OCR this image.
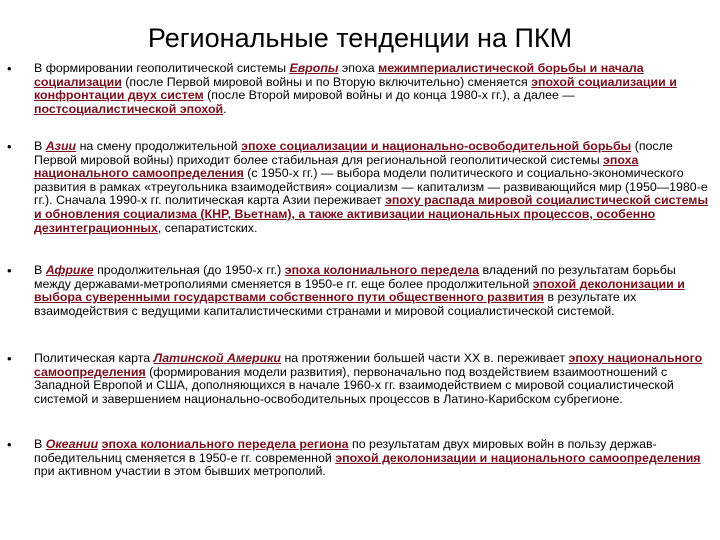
Региональные тенденции на ПКМ
• В формировании геополитической системы Европы эпоха межимпериалистической борьбы и начала социализации (после Первой мировой войны и по Вторую включительно) сменяется эпохой социализации и конфронтации двух систем (после Второй мировой войны и до конца 1980-х гг.), а далее — постсоциалистической эпохой.
• В Азии на смену продолжительной эпохе социализации и национально-освободительной борьбы (после Первой мировой войны) приходит более стабильная для региональной геополитической системы эпоха национального самоопределения (с 1950-х гг.) — выбора модели политического и социально-экономического развития в рамках «треугольника взаимодействия» социализм — капитализм — развивающийся мир (1950—1980-е гг.). Сначала 1990-х гг. политическая карта Азии переживает эпоху распада мировой социалистической системы и обновления социализма (КНР, Вьетнам), а также активизации национальных процессов, особенно дезинтеграционных, сепаратистских.
• В Африке продолжительная (до 1950-х гг.) эпоха колониального передела владений по результатам борьбы между державами-метрополиями сменяется в 1950-е гг. еще более продолжительной эпохой деколонизации и выбора суверенными государствами собственного пути общественного развития в результате их взаимодействия с ведущими капиталистическими странами и мировой социалистической системой.
• Политическая карта Латинской Америки на протяжении большей части XX в. переживает эпоху национального самоопределения (формирования модели развития), первоначально под воздействием взаимоотношений с Западной Европой и США, дополняющихся в начале 1960-х гг. взаимодействием с мировой социалистической системой и завершением национально-освободительных процессов в Латино-Карибском субрегионе.
• В Океании эпоха колониального передела региона по результатам двух мировых войн в пользу держав-победительниц сменяется в 1950-е гг. современной эпохой деколонизации и национального самоопределения при активном участии в этом бывших метрополий.
